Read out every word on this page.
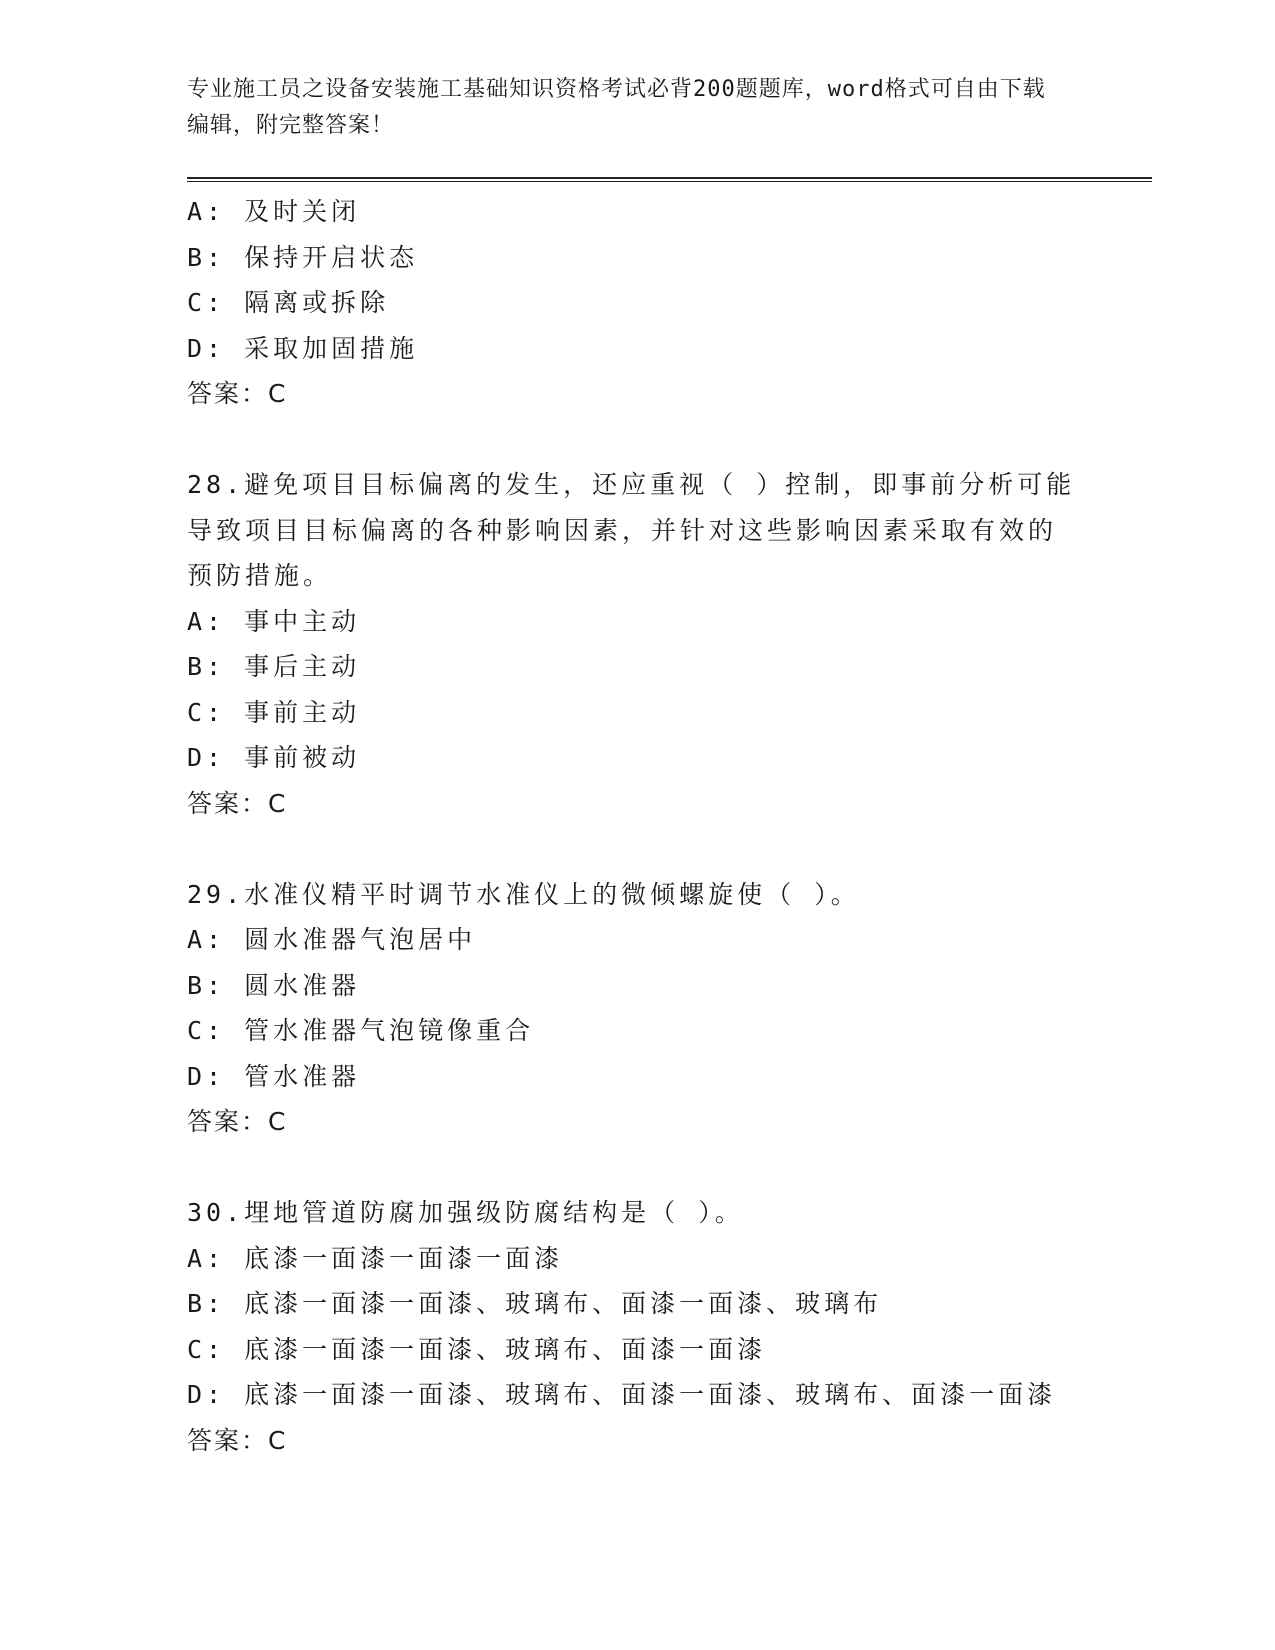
专业施工员之设备安装施工基础知识资格考试必背200题题库，word格式可自由下载编辑，附完整答案！
A: 及时关闭
B: 保持开启状态
C: 隔离或拆除
D: 采取加固措施
答案：C
28.避免项目目标偏离的发生，还应重视（ ）控制，即事前分析可能导致项目目标偏离的各种影响因素，并针对这些影响因素采取有效的预防措施。
A: 事中主动
B: 事后主动
C: 事前主动
D: 事前被动
答案：C
29.水准仪精平时调节水准仪上的微倾螺旋使（ ）。
A: 圆水准器气泡居中
B: 圆水准器
C: 管水准器气泡镜像重合
D: 管水准器
答案：C
30.埋地管道防腐加强级防腐结构是（ ）。
A: 底漆一面漆一面漆一面漆
B: 底漆一面漆一面漆、玻璃布、面漆一面漆、玻璃布
C: 底漆一面漆一面漆、玻璃布、面漆一面漆
D: 底漆一面漆一面漆、玻璃布、面漆一面漆、玻璃布、面漆一面漆
答案：C
